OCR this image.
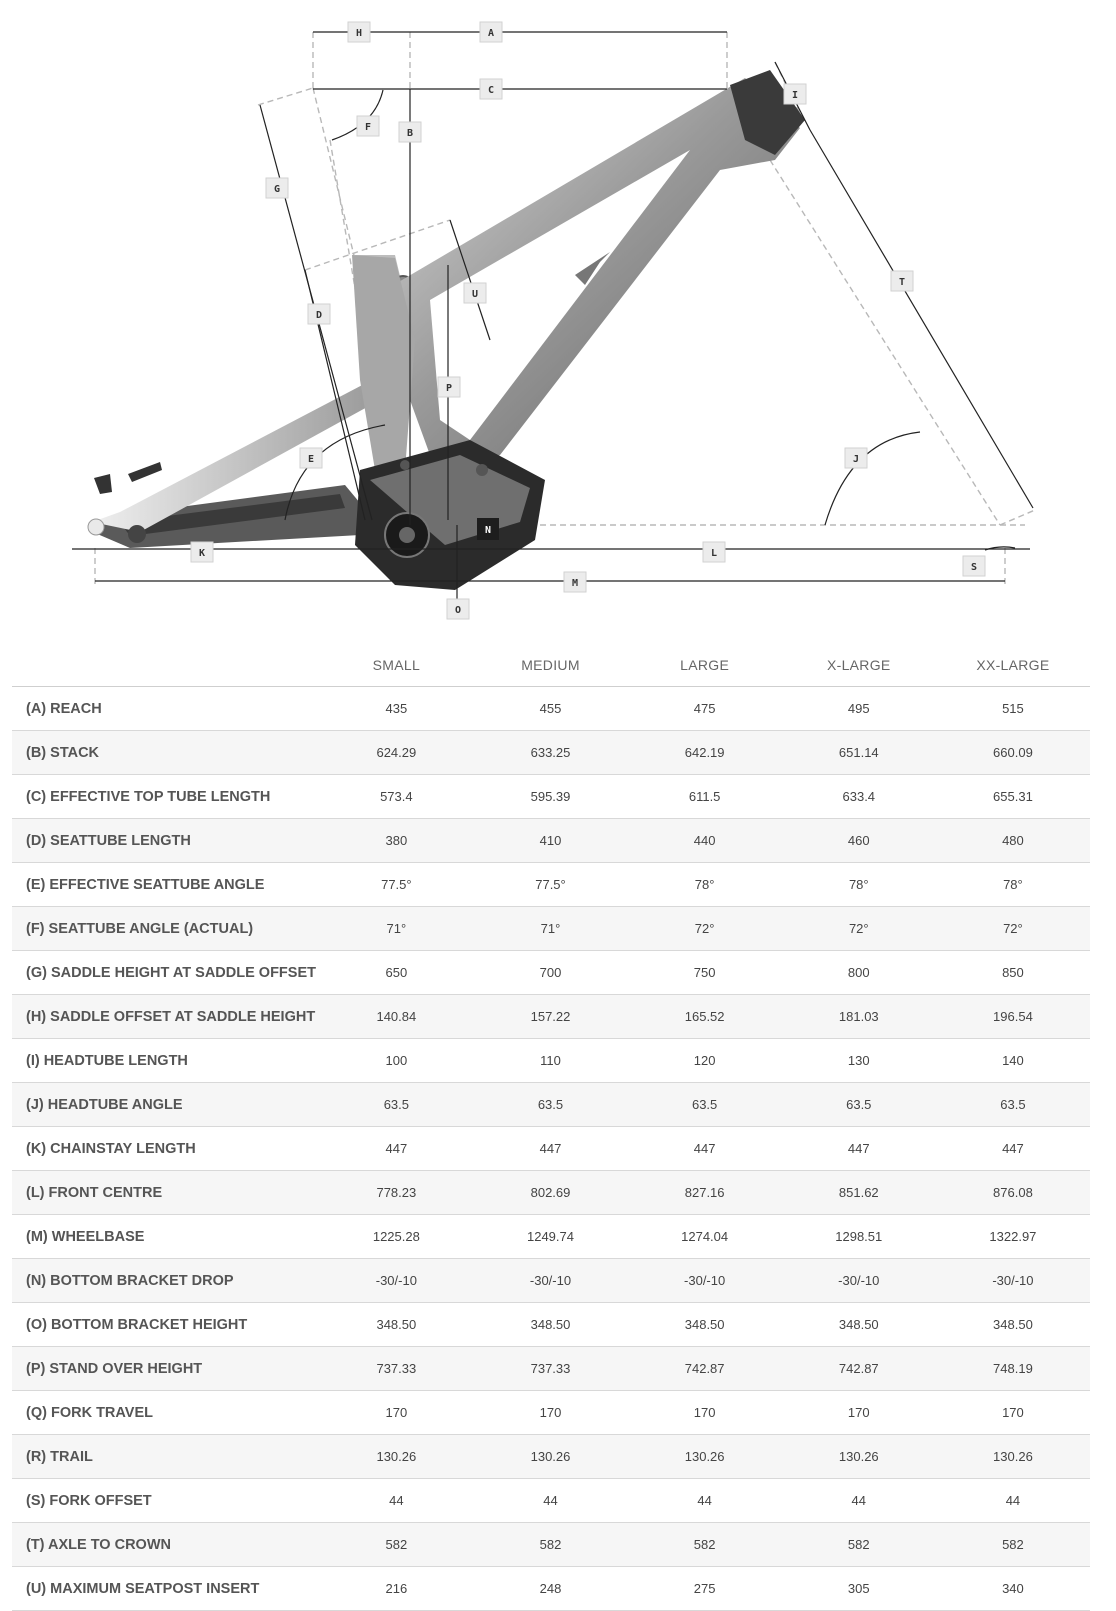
H	A
C
F
B
G
I
T
U
D
P
E	J
N
K	L
S
M
O
	SMALL	MEDIUM	LARGE	X-LARGE	XX-LARGE
(A) REACH	435	455	475	495	515
(B) STACK	624.29	633.25	642.19	651.14	660.09
(C) EFFECTIVE TOP TUBE LENGTH	573.4	595.39	611.5	633.4	655.31
(D) SEATTUBE LENGTH	380	410	440	460	480
(E) EFFECTIVE SEATTUBE ANGLE	77.5°	77.5°	78°	78°	78°
(F) SEATTUBE ANGLE (ACTUAL)	71°	71°	72°	72°	72°
(G) SADDLE HEIGHT AT SADDLE OFFSET	650	700	750	800	850
(H) SADDLE OFFSET AT SADDLE HEIGHT	140.84	157.22	165.52	181.03	196.54
(I) HEADTUBE LENGTH	100	110	120	130	140
(J) HEADTUBE ANGLE	63.5	63.5	63.5	63.5	63.5
(K) CHAINSTAY LENGTH	447	447	447	447	447
(L) FRONT CENTRE	778.23	802.69	827.16	851.62	876.08
(M) WHEELBASE	1225.28	1249.74	1274.04	1298.51	1322.97
(N) BOTTOM BRACKET DROP	-30/-10	-30/-10	-30/-10	-30/-10	-30/-10
(O) BOTTOM BRACKET HEIGHT	348.50	348.50	348.50	348.50	348.50
(P) STAND OVER HEIGHT	737.33	737.33	742.87	742.87	748.19
(Q) FORK TRAVEL	170	170	170	170	170
(R) TRAIL	130.26	130.26	130.26	130.26	130.26
(S) FORK OFFSET	44	44	44	44	44
(T) AXLE TO CROWN	582	582	582	582	582
(U) MAXIMUM SEATPOST INSERT	216	248	275	305	340
